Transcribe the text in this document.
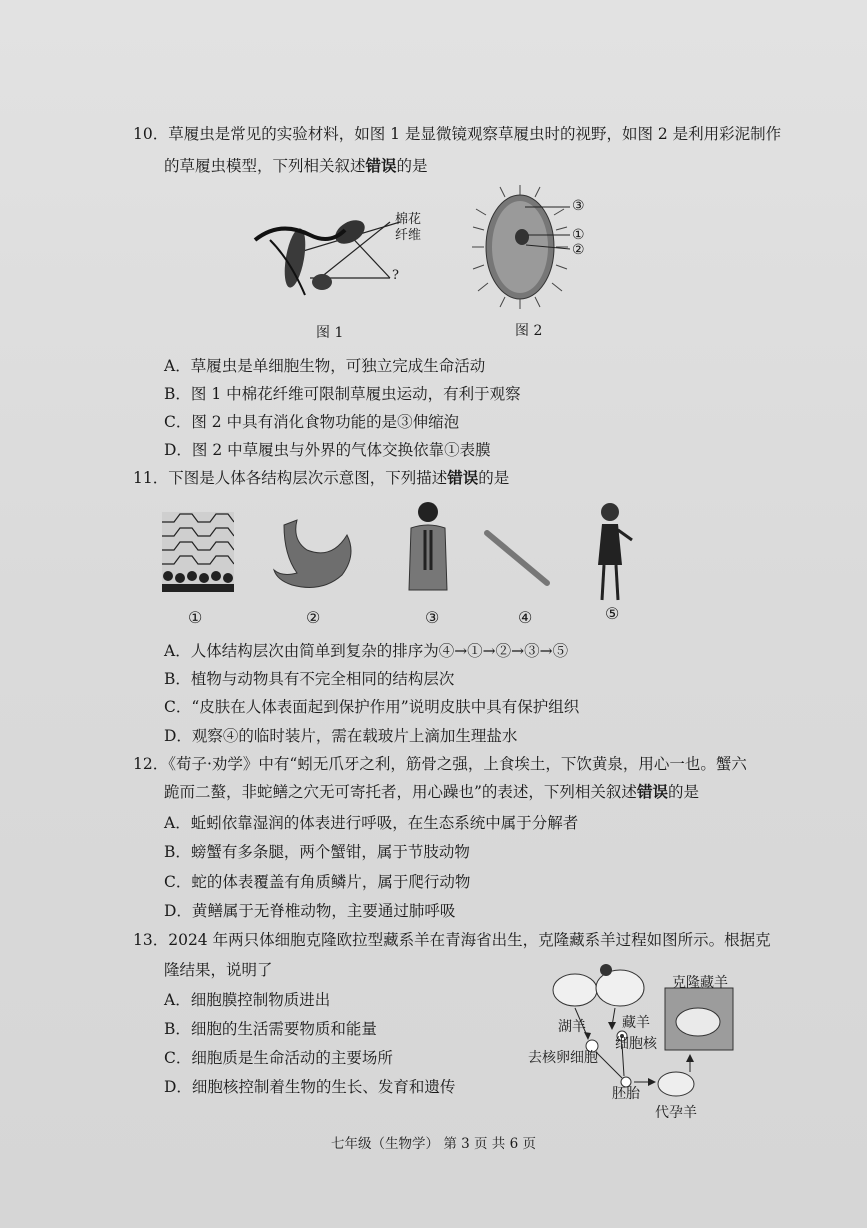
10．草履虫是常见的实验材料，如图 1 是显微镜观察草履虫时的视野，如图 2 是利用彩泥制作
的草履虫模型，下列相关叙述错误的是
棉花纤维
?
图 1
③
①
②
图 2
A．草履虫是单细胞生物，可独立完成生命活动
B．图 1 中棉花纤维可限制草履虫运动，有利于观察
C．图 2 中具有消化食物功能的是③伸缩泡
D．图 2 中草履虫与外界的气体交换依靠①表膜
11．下图是人体各结构层次示意图，下列描述错误的是
①	②	③	④	⑤
A．人体结构层次由简单到复杂的排序为④→①→②→③→⑤
B．植物与动物具有不完全相同的结构层次
C．“皮肤在人体表面起到保护作用”说明皮肤中具有保护组织
D．观察④的临时装片，需在载玻片上滴加生理盐水
12．《荀子·劝学》中有“蚓无爪牙之利，筋骨之强，上食埃土，下饮黄泉，用心一也。蟹六
跪而二螯，非蛇鳝之穴无可寄托者，用心躁也”的表述，下列相关叙述错误的是
A．蚯蚓依靠湿润的体表进行呼吸，在生态系统中属于分解者
B．螃蟹有多条腿，两个蟹钳，属于节肢动物
C．蛇的体表覆盖有角质鳞片，属于爬行动物
D．黄鳝属于无脊椎动物，主要通过肺呼吸
13．2024 年两只体细胞克隆欧拉型藏系羊在青海省出生，克隆藏系羊过程如图所示。根据克
隆结果，说明了
A．细胞膜控制物质进出
B．细胞的生活需要物质和能量
C．细胞质是生命活动的主要场所
D．细胞核控制着生物的生长、发育和遗传
克隆藏羊
湖羊	藏羊
细胞核
去核卵细胞
胚胎
代孕羊
七年级（生物学） 第 3 页 共 6 页
